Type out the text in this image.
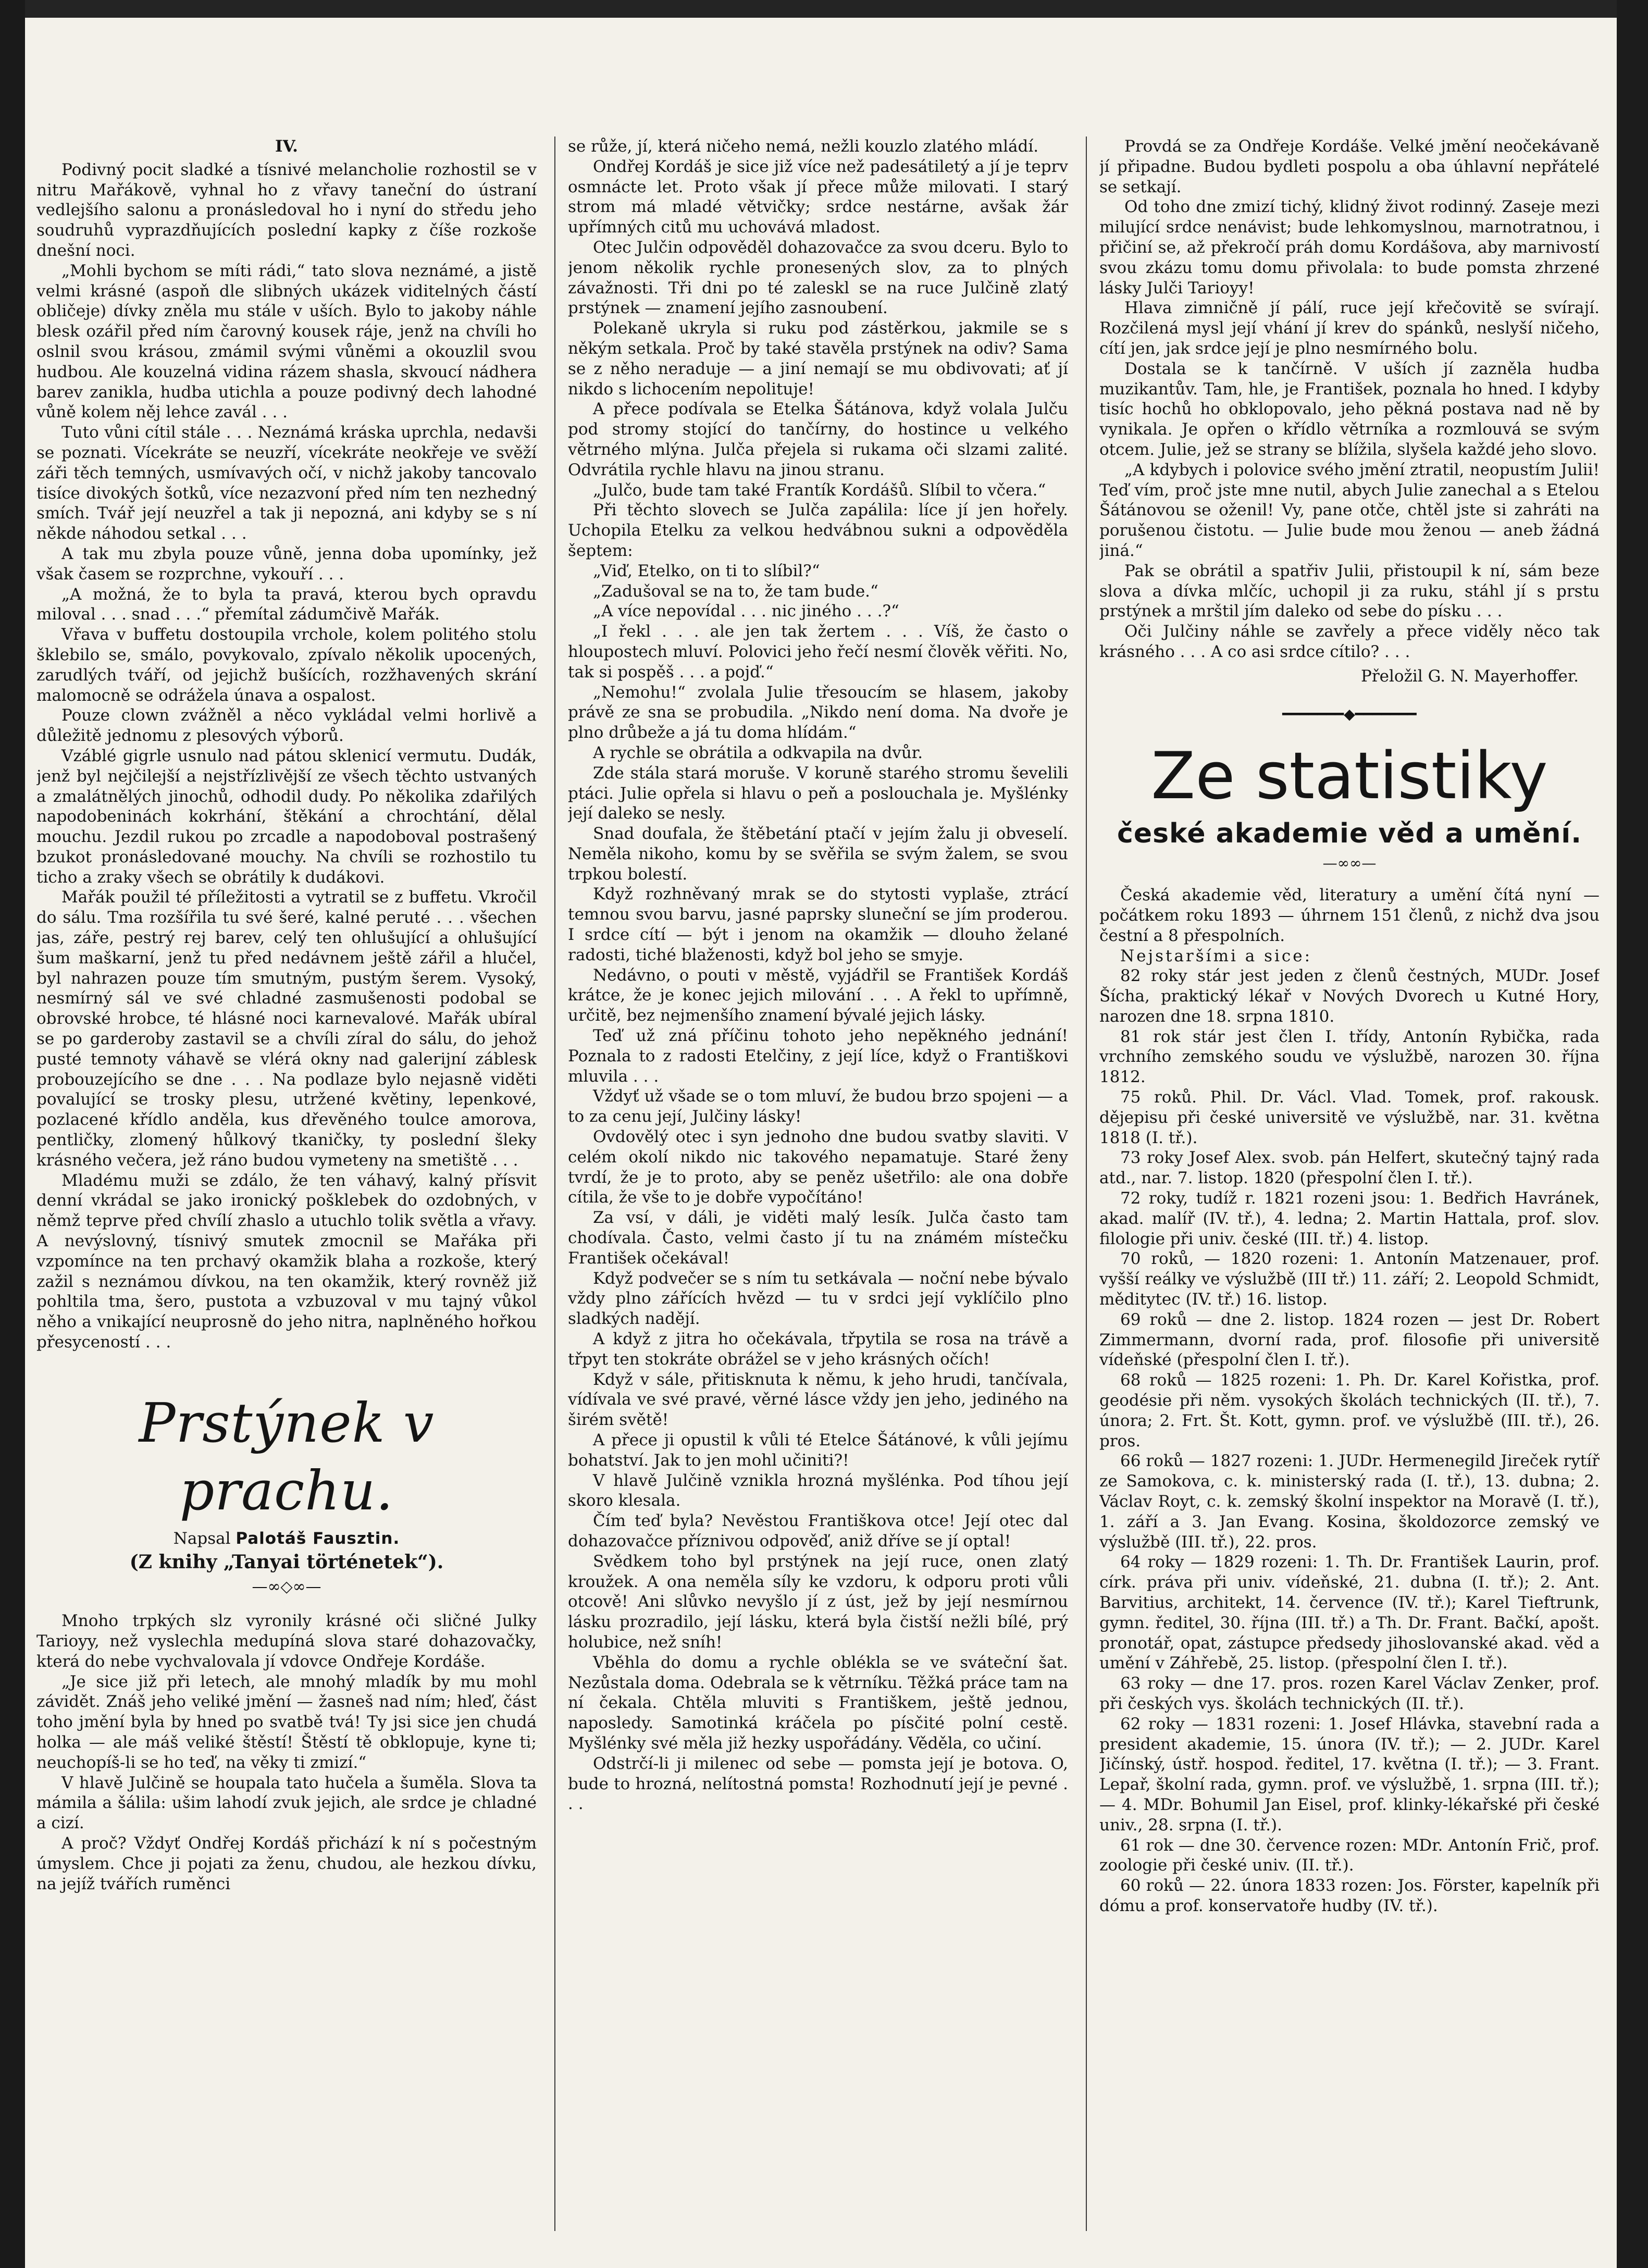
IV.

Podivný pocit sladké a tísnivé melancholie rozhostil se v nitru Mařákově, vyhnal ho z vřavy taneční do ústraní vedlejšího salonu a pronásledoval ho i nyní do středu jeho soudruhů vyprazdňujících poslední kapky z číše rozkoše dnešní noci.

„Mohli bychom se míti rádi,“ tato slova neznámé, a jistě velmi krásné (aspoň dle slibných ukázek viditelných částí obličeje) dívky zněla mu stále v uších. Bylo to jakoby náhle blesk ozářil před ním čarovný kousek ráje, jenž na chvíli ho oslnil svou krásou, zmámil svými vůněmi a okouzlil svou hudbou. Ale kouzelná vidina rázem shasla, skvoucí nádhera barev zanikla, hudba utichla a pouze podivný dech lahodné vůně kolem něj lehce zavál . . .

Tuto vůni cítil stále . . . Neznámá kráska uprchla, nedavši se poznati. Vícekráte se neuzří, vícekráte neokřeje ve svěží záři těch temných, usmívavých očí, v nichž jakoby tancovalo tisíce divokých šotků, více nezazvoní před ním ten nezhedný smích. Tvář její neuzřel a tak ji nepozná, ani kdyby se s ní někde náhodou setkal . . .

A tak mu zbyla pouze vůně, jenna doba upomínky, jež však časem se rozprchne, vykouří . . .

„A možná, že to byla ta pravá, kterou bych opravdu miloval . . . snad . . .“ přemítal zádumčivě Mařák.

Vřava v buffetu dostoupila vrchole, kolem politého stolu šklebilo se, smálo, povykovalo, zpívalo několik upocených, zarudlých tváří, od jejichž bušících, rozžhavených skrání malomocně se odrážela únava a ospalost.

Pouze clown zvážněl a něco vykládal velmi horlivě a důležitě jednomu z plesových výborů.

Vzáblé gigrle usnulo nad pátou sklenicí vermutu. Dudák, jenž byl nejčilejší a nejstřízlivější ze všech těchto ustvaných a zmalátnělých jinochů, odhodil dudy. Po několika zdařilých napodobeninách kokrhání, štěkání a chrochtání, dělal mouchu. Jezdil rukou po zrcadle a napodoboval postrašený bzukot pronásledované mouchy. Na chvíli se rozhostilo tu ticho a zraky všech se obrátily k dudákovi.

Mařák použil té příležitosti a vytratil se z buffetu. Vkročil do sálu. Tma rozšířila tu své šeré, kalné peruté . . . všechen jas, záře, pestrý rej barev, celý ten ohlušující a ohlušující šum maškarní, jenž tu před nedávnem ještě zářil a hlučel, byl nahrazen pouze tím smutným, pustým šerem. Vysoký, nesmírný sál ve své chladné zasmušenosti podobal se obrovské hrobce, té hlásné noci karnevalové. Mařák ubíral se po garderoby zastavil se a chvíli zíral do sálu, do jehož pusté temnoty váhavě se vlérá okny nad galerijní záblesk probouzejícího se dne . . . Na podlaze bylo nejasně viděti povalující se trosky plesu, utržené květiny, lepenkové, pozlacené křídlo anděla, kus dřevěného toulce amorova, pentličky, zlomený hůlkový tkaničky, ty poslední šleky krásného večera, jež ráno budou vymeteny na smetiště . . .

Mladému muži se zdálo, že ten váhavý, kalný přísvit denní vkrádal se jako ironický pošklebek do ozdobných, v němž teprve před chvílí zhaslo a utuchlo tolik světla a vřavy. A nevýslovný, tísnivý smutek zmocnil se Mařáka při vzpomínce na ten prchavý okamžik blaha a rozkoše, který zažil s neznámou dívkou, na ten okamžik, který rovněž již pohltila tma, šero, pustota a vzbuzoval v mu tajný vůkol něho a vnikající neuprosně do jeho nitra, naplněného hořkou přesyceností . . .

Prstýnek v prachu.

Napsal Palotáš Fausztin.

(Z knihy „Tanyai történetek“).

—∞◇∞—

Mnoho trpkých slz vyronily krásné oči sličné Julky Tarioyy, než vyslechla medupíná slova staré dohazovačky, která do nebe vychvalovala jí vdovce Ondřeje Kordáše.

„Je sice již při letech, ale mnohý mladík by mu mohl závidět. Znáš jeho veliké jmění — žasneš nad ním; hleď, část toho jmění byla by hned po svatbě tvá! Ty jsi sice jen chudá holka — ale máš veliké štěstí! Štěstí tě obklopuje, kyne ti; neuchopíš-li se ho teď, na věky ti zmizí.“

V hlavě Julčině se houpala tato hučela a šuměla. Slova ta mámila a šálila: ušim lahodí zvuk jejich, ale srdce je chladné a cizí.

A proč? Vždyť Ondřej Kordáš přichází k ní s počestným úmyslem. Chce ji pojati za ženu, chudou, ale hezkou dívku, na jejíž tvářích ruměnci

se růže, jí, která ničeho nemá, nežli kouzlo zlatého mládí.

Ondřej Kordáš je sice již více než padesátiletý a jí je teprv osmnácte let. Proto však jí přece může milovati. I starý strom má mladé větvičky; srdce nestárne, avšak žár upřímných citů mu uchovává mladost.

Otec Julčin odpověděl dohazovačce za svou dceru. Bylo to jenom několik rychle pronesených slov, za to plných závažnosti. Tři dni po té zaleskl se na ruce Julčině zlatý prstýnek — znamení jejího zasnoubení.

Polekaně ukryla si ruku pod zástěrkou, jakmile se s někým setkala. Proč by také stavěla prstýnek na odiv? Sama se z něho neraduje — a jiní nemají se mu obdivovati; ať jí nikdo s lichocením nepolituje!

A přece podívala se Etelka Šátánova, když volala Julču pod stromy stojící do tančírny, do hostince u velkého větrného mlýna. Julča přejela si rukama oči slzami zalité. Odvrátila rychle hlavu na jinou stranu.

„Julčo, bude tam také Frantík Kordášů. Slíbil to včera.“

Při těchto slovech se Julča zapálila: líce jí jen hořely. Uchopila Etelku za velkou hedvábnou sukni a odpověděla šeptem:

„Viď, Etelko, on ti to slíbil?“

„Zadušoval se na to, že tam bude.“

„A více nepovídal . . . nic jiného . . .?“

„I řekl . . . ale jen tak žertem . . . Víš, že často o hloupostech mluví. Polovici jeho řečí nesmí člověk věřiti. No, tak si pospěš . . . a pojď.“

„Nemohu!“ zvolala Julie třesoucím se hlasem, jakoby právě ze sna se probudila. „Nikdo není doma. Na dvoře je plno drůbeže a já tu doma hlídám.“

A rychle se obrátila a odkvapila na dvůr.

Zde stála stará moruše. V koruně starého stromu ševelili ptáci. Julie opřela si hlavu o peň a poslouchala je. Myšlénky její daleko se nesly.

Snad doufala, že štěbetání ptačí v jejím žalu ji obveselí. Neměla nikoho, komu by se svěřila se svým žalem, se svou trpkou bolestí.

Když rozhněvaný mrak se do stytosti vyplaše, ztrácí temnou svou barvu, jasné paprsky sluneční se jím proderou. I srdce cítí — být i jenom na okamžik — dlouho želané radosti, tiché blaženosti, když bol jeho se smyje.

Nedávno, o pouti v městě, vyjádřil se František Kordáš krátce, že je konec jejich milování . . . A řekl to upřímně, určitě, bez nejmenšího znamení bývalé jejich lásky.

Teď už zná příčinu tohoto jeho nepěkného jednání! Poznala to z radosti Etelčiny, z její líce, když o Františkovi mluvila . . .

Vždyť už všade se o tom mluví, že budou brzo spojeni — a to za cenu její, Julčiny lásky!

Ovdovělý otec i syn jednoho dne budou svatby slaviti. V celém okolí nikdo nic takového nepamatuje. Staré ženy tvrdí, že je to proto, aby se peněz ušetřilo: ale ona dobře cítila, že vše to je dobře vypočítáno!

Za vsí, v dáli, je viděti malý lesík. Julča často tam chodívala. Často, velmi často jí tu na známém místečku František očekával!

Když podvečer se s ním tu setkávala — noční nebe bývalo vždy plno zářících hvězd — tu v srdci její vyklíčilo plno sladkých nadějí.

A když z jitra ho očekávala, třpytila se rosa na trávě a třpyt ten stokráte obrážel se v jeho krásných očích!

Když v sále, přitisknuta k němu, k jeho hrudi, tančívala, vídívala ve své pravé, věrné lásce vždy jen jeho, jediného na širém světě!

A přece ji opustil k vůli té Etelce Šátánové, k vůli jejímu bohatství. Jak to jen mohl učiniti?!

V hlavě Julčině vznikla hrozná myšlénka. Pod tíhou její skoro klesala.

Čím teď byla? Nevěstou Františkova otce! Její otec dal dohazovačce příznivou odpověď, aniž dříve se jí optal!

Svědkem toho byl prstýnek na její ruce, onen zlatý kroužek. A ona neměla síly ke vzdoru, k odporu proti vůli otcově! Ani slůvko nevyšlo jí z úst, jež by její nesmírnou lásku prozradilo, její lásku, která byla čistší nežli bílé, prý holubice, než sníh!

Vběhla do domu a rychle oblékla se ve sváteční šat. Nezůstala doma. Odebrala se k větrníku. Těžká práce tam na ní čekala. Chtěla mluviti s Františkem, ještě jednou, naposledy. Samotinká kráčela po písčité polní cestě. Myšlénky své měla již hezky uspořádány. Věděla, co učiní.

Odstrčí-li ji milenec od sebe — pomsta její je botova. O, bude to hrozná, nelítostná pomsta! Rozhodnutí její je pevné . . .

Provdá se za Ondřeje Kordáše. Velké jmění neočekávaně jí připadne. Budou bydleti pospolu a oba úhlavní nepřátelé se setkají.

Od toho dne zmizí tichý, klidný život rodinný. Zaseje mezi milující srdce nenávist; bude lehkomyslnou, marnotratnou, i přičiní se, až překročí práh domu Kordášova, aby marnivostí svou zkázu tomu domu přivolala: to bude pomsta zhrzené lásky Julči Tarioyy!

Hlava zimničně jí pálí, ruce její křečovitě se svírají. Rozčilená mysl její vhání jí krev do spánků, neslyší ničeho, cítí jen, jak srdce její je plno nesmírného bolu.

Dostala se k tančírně. V uších jí zazněla hudba muzikantův. Tam, hle, je František, poznala ho hned. I kdyby tisíc hochů ho obklopovalo, jeho pěkná postava nad ně by vynikala. Je opřen o křídlo větrníka a rozmlouvá se svým otcem. Julie, jež se strany se blížila, slyšela každé jeho slovo.

„A kdybych i polovice svého jmění ztratil, neopustím Julii! Teď vím, proč jste mne nutil, abych Julie zanechal a s Etelou Šátánovou se oženil! Vy, pane otče, chtěl jste si zahráti na porušenou čistotu. — Julie bude mou ženou — aneb žádná jiná.“

Pak se obrátil a spatřiv Julii, přistoupil k ní, sám beze slova a dívka mlčíc, uchopil ji za ruku, stáhl jí s prstu prstýnek a mrštil jím daleko od sebe do písku . . .

Oči Julčiny náhle se zavřely a přece viděly něco tak krásného . . . A co asi srdce cítilo? . . .

Přeložil G. N. Mayerhoffer.

━━━━━━━◆━━━━━━━

Ze statistiky
české akademie věd a umění.

—∞∞—

Česká akademie věd, literatury a umění čítá nyní — počátkem roku 1893 — úhrnem 151 členů, z nichž dva jsou čestní a 8 přespolních.

Nejstaršími a sice:

82 roky stár jest jeden z členů čestných, MUDr. Josef Šícha, praktický lékař v Nových Dvorech u Kutné Hory, narozen dne 18. srpna 1810.

81 rok stár jest člen I. třídy, Antonín Rybička, rada vrchního zemského soudu ve výslužbě, narozen 30. října 1812.

75 roků. Phil. Dr. Václ. Vlad. Tomek, prof. rakousk. dějepisu při české universitě ve výslužbě, nar. 31. května 1818 (I. tř.).

73 roky Josef Alex. svob. pán Helfert, skutečný tajný rada atd., nar. 7. listop. 1820 (přespolní člen I. tř.).

72 roky, tudíž r. 1821 rozeni jsou: 1. Bedřich Havránek, akad. malíř (IV. tř.), 4. ledna; 2. Martin Hattala, prof. slov. filologie při univ. české (III. tř.) 4. listop.

70 roků, — 1820 rozeni: 1. Antonín Matzenauer, prof. vyšší reálky ve výslužbě (III tř.) 11. září; 2. Leopold Schmidt, měditytec (IV. tř.) 16. listop.

69 roků — dne 2. listop. 1824 rozen — jest Dr. Robert Zimmermann, dvorní rada, prof. filosofie při universitě vídeňské (přespolní člen I. tř.).

68 roků — 1825 rozeni: 1. Ph. Dr. Karel Kořistka, prof. geodésie při něm. vysokých školách technických (II. tř.), 7. února; 2. Frt. Št. Kott, gymn. prof. ve výslužbě (III. tř.), 26. pros.

66 roků — 1827 rozeni: 1. JUDr. Hermenegild Jireček rytíř ze Samokova, c. k. ministerský rada (I. tř.), 13. dubna; 2. Václav Royt, c. k. zemský školní inspektor na Moravě (I. tř.), 1. září a 3. Jan Evang. Kosina, školdozorce zemský ve výslužbě (III. tř.), 22. pros.

64 roky — 1829 rozeni: 1. Th. Dr. František Laurin, prof. círk. práva při univ. vídeňské, 21. dubna (I. tř.); 2. Ant. Barvitius, architekt, 14. července (IV. tř.); Karel Tieftrunk, gymn. ředitel, 30. října (III. tř.) a Th. Dr. Frant. Bačkí, apošt. pronotář, opat, zástupce předsedy jihoslovanské akad. věd a umění v Záhřebě, 25. listop. (přespolní člen I. tř.).

63 roky — dne 17. pros. rozen Karel Václav Zenker, prof. při českých vys. školách technických (II. tř.).

62 roky — 1831 rozeni: 1. Josef Hlávka, stavební rada a president akademie, 15. února (IV. tř.); — 2. JUDr. Karel Jičínský, ústř. hospod. ředitel, 17. května (I. tř.); — 3. Frant. Lepař, školní rada, gymn. prof. ve výslužbě, 1. srpna (III. tř.); — 4. MDr. Bohumil Jan Eisel, prof. klinky-lékařské při české univ., 28. srpna (I. tř.).

61 rok — dne 30. července rozen: MDr. Antonín Frič, prof. zoologie při české univ. (II. tř.).

60 roků — 22. února 1833 rozen: Jos. Förster, kapelník při dómu a prof. konservatoře hudby (IV. tř.).
